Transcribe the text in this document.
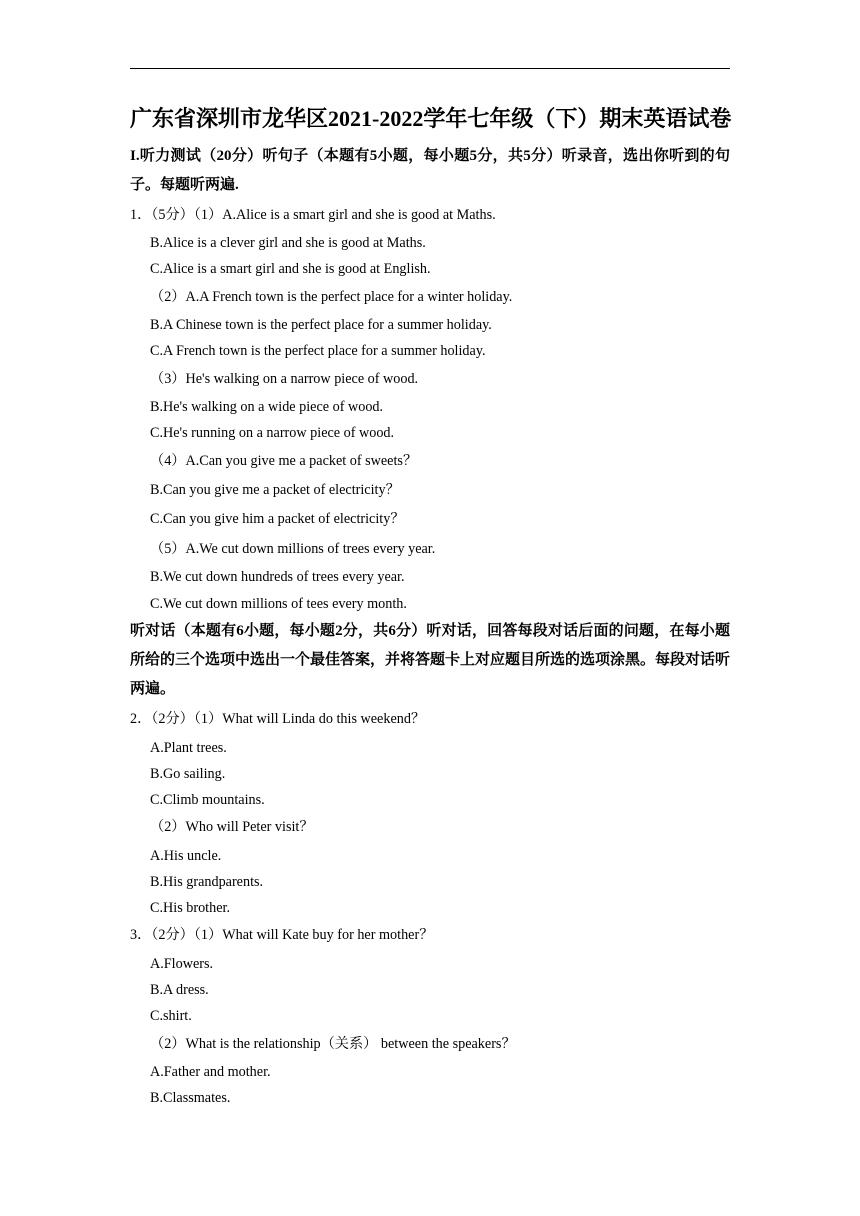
广东省深圳市龙华区2021-2022学年七年级（下）期末英语试卷
I.听力测试（20分）听句子（本题有5小题，每小题5分，共5分）听录音，选出你听到的句子。每题听两遍.
1．（5分）（1）A.Alice is a smart girl and she is good at Maths.
B.Alice is a clever girl and she is good at Maths.
C.Alice is a smart girl and she is good at English.
（2）A.A French town is the perfect place for a winter holiday.
B.A Chinese town is the perfect place for a summer holiday.
C.A French town is the perfect place for a summer holiday.
（3）He's walking on a narrow piece of wood.
B.He's walking on a wide piece of wood.
C.He's running on a narrow piece of wood.
（4）A.Can you give me a packet of sweets？
B.Can you give me a packet of electricity？
C.Can you give him a packet of electricity？
（5）A.We cut down millions of trees every year.
B.We cut down hundreds of trees every year.
C.We cut down millions of tees every month.
听对话（本题有6小题，每小题2分，共6分）听对话，回答每段对话后面的问题，在每小题所给的三个选项中选出一个最佳答案，并将答题卡上对应题目所选的选项涂黑。每段对话听两遍。
2．（2分）（1）What will Linda do this weekend？
A.Plant trees.
B.Go sailing.
C.Climb mountains.
（2）Who will Peter visit？
A.His uncle.
B.His grandparents.
C.His brother.
3．（2分）（1）What will Kate buy for her mother？
A.Flowers.
B.A dress.
C.shirt.
（2）What is the relationship（关系） between the speakers？
A.Father and mother.
B.Classmates.
